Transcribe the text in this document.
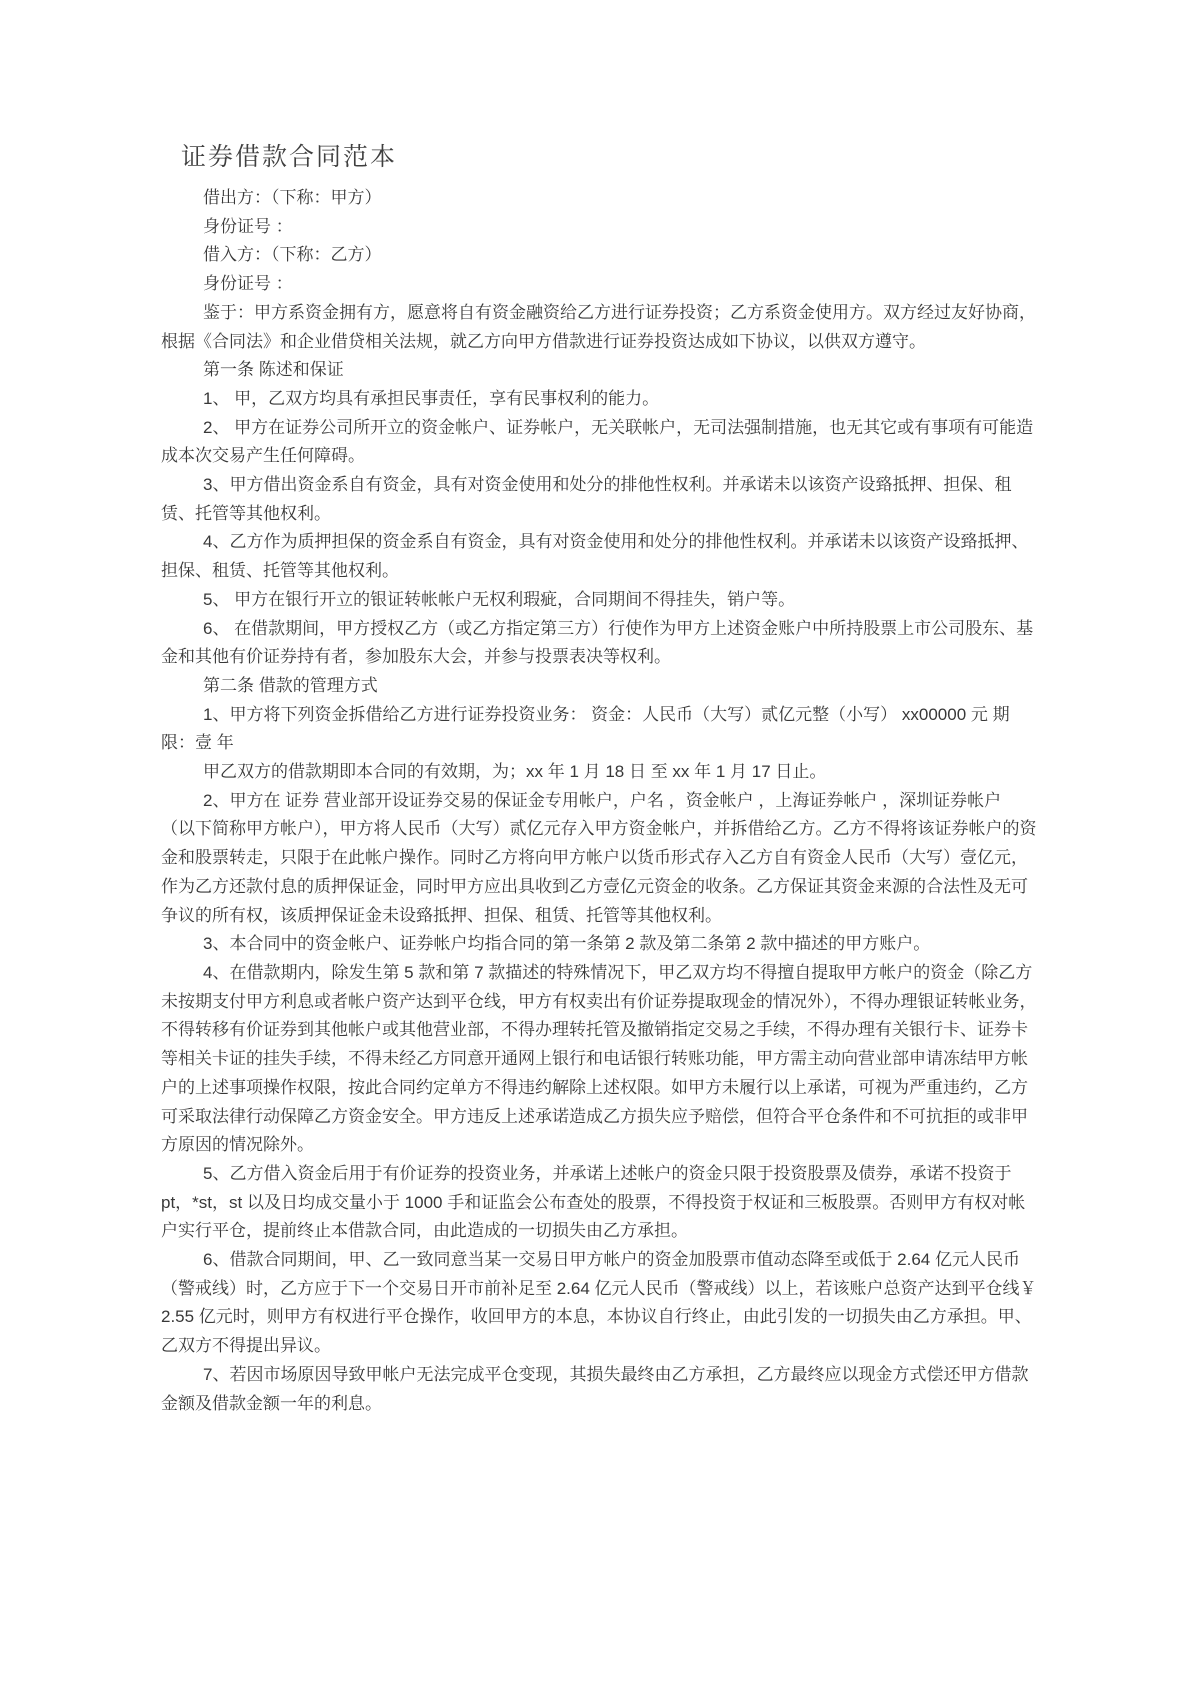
证券借款合同范本

借出方：（下称：甲方）

身份证号 ：

借入方：（下称：乙方）

身份证号 ：

鉴于：甲方系资金拥有方，愿意将自有资金融资给乙方进行证券投资；乙方系资金使用方。双方经过友好协商，根据《合同法》和企业借贷相关法规，就乙方向甲方借款进行证券投资达成如下协议，以供双方遵守。

第一条 陈述和保证

1、 甲，乙双方均具有承担民事责任，享有民事权利的能力。

2、 甲方在证券公司所开立的资金帐户、证券帐户，无关联帐户，无司法强制措施，也无其它或有事项有可能造成本次交易产生任何障碍。

3、甲方借出资金系自有资金，具有对资金使用和处分的排他性权利。并承诺未以该资产设臵抵押、担保、租赁、托管等其他权利。

4、乙方作为质押担保的资金系自有资金，具有对资金使用和处分的排他性权利。并承诺未以该资产设臵抵押、担保、租赁、托管等其他权利。

5、 甲方在银行开立的银证转帐帐户无权利瑕疵，合同期间不得挂失，销户等。

6、 在借款期间，甲方授权乙方（或乙方指定第三方）行使作为甲方上述资金账户中所持股票上市公司股东、基金和其他有价证券持有者，参加股东大会，并参与投票表决等权利。

第二条 借款的管理方式

1、甲方将下列资金拆借给乙方进行证券投资业务： 资金：人民币（大写）贰亿元整（小写） xx00000 元 期限：壹 年

甲乙双方的借款期即本合同的有效期，为；xx 年 1 月 18 日 至 xx 年 1 月 17 日止。

2、甲方在 证券 营业部开设证券交易的保证金专用帐户，户名 ，资金帐户 ，上海证券帐户 ，深圳证券帐户 （以下简称甲方帐户），甲方将人民币（大写）贰亿元存入甲方资金帐户，并拆借给乙方。乙方不得将该证券帐户的资金和股票转走，只限于在此帐户操作。同时乙方将向甲方帐户以货币形式存入乙方自有资金人民币（大写）壹亿元，作为乙方还款付息的质押保证金，同时甲方应出具收到乙方壹亿元资金的收条。乙方保证其资金来源的合法性及无可争议的所有权，该质押保证金未设臵抵押、担保、租赁、托管等其他权利。

3、本合同中的资金帐户、证券帐户均指合同的第一条第 2 款及第二条第 2 款中描述的甲方账户。

4、在借款期内，除发生第 5 款和第 7 款描述的特殊情况下，甲乙双方均不得擅自提取甲方帐户的资金（除乙方未按期支付甲方利息或者帐户资产达到平仓线，甲方有权卖出有价证券提取现金的情况外），不得办理银证转帐业务，不得转移有价证券到其他帐户或其他营业部，不得办理转托管及撤销指定交易之手续，不得办理有关银行卡、证券卡等相关卡证的挂失手续，不得未经乙方同意开通网上银行和电话银行转账功能，甲方需主动向营业部申请冻结甲方帐户的上述事项操作权限，按此合同约定单方不得违约解除上述权限。如甲方未履行以上承诺，可视为严重违约，乙方可采取法律行动保障乙方资金安全。甲方违反上述承诺造成乙方损失应予赔偿，但符合平仓条件和不可抗拒的或非甲方原因的情况除外。

5、乙方借入资金后用于有价证券的投资业务，并承诺上述帐户的资金只限于投资股票及债券，承诺不投资于 pt，*st，st 以及日均成交量小于 1000 手和证监会公布查处的股票，不得投资于权证和三板股票。否则甲方有权对帐户实行平仓，提前终止本借款合同，由此造成的一切损失由乙方承担。

6、借款合同期间，甲、乙一致同意当某一交易日甲方帐户的资金加股票市值动态降至或低于 2.64 亿元人民币（警戒线）时，乙方应于下一个交易日开市前补足至 2.64 亿元人民币（警戒线）以上，若该账户总资产达到平仓线￥ 2.55 亿元时，则甲方有权进行平仓操作，收回甲方的本息，本协议自行终止，由此引发的一切损失由乙方承担。甲、乙双方不得提出异议。

7、若因市场原因导致甲帐户无法完成平仓变现，其损失最终由乙方承担，乙方最终应以现金方式偿还甲方借款金额及借款金额一年的利息。
